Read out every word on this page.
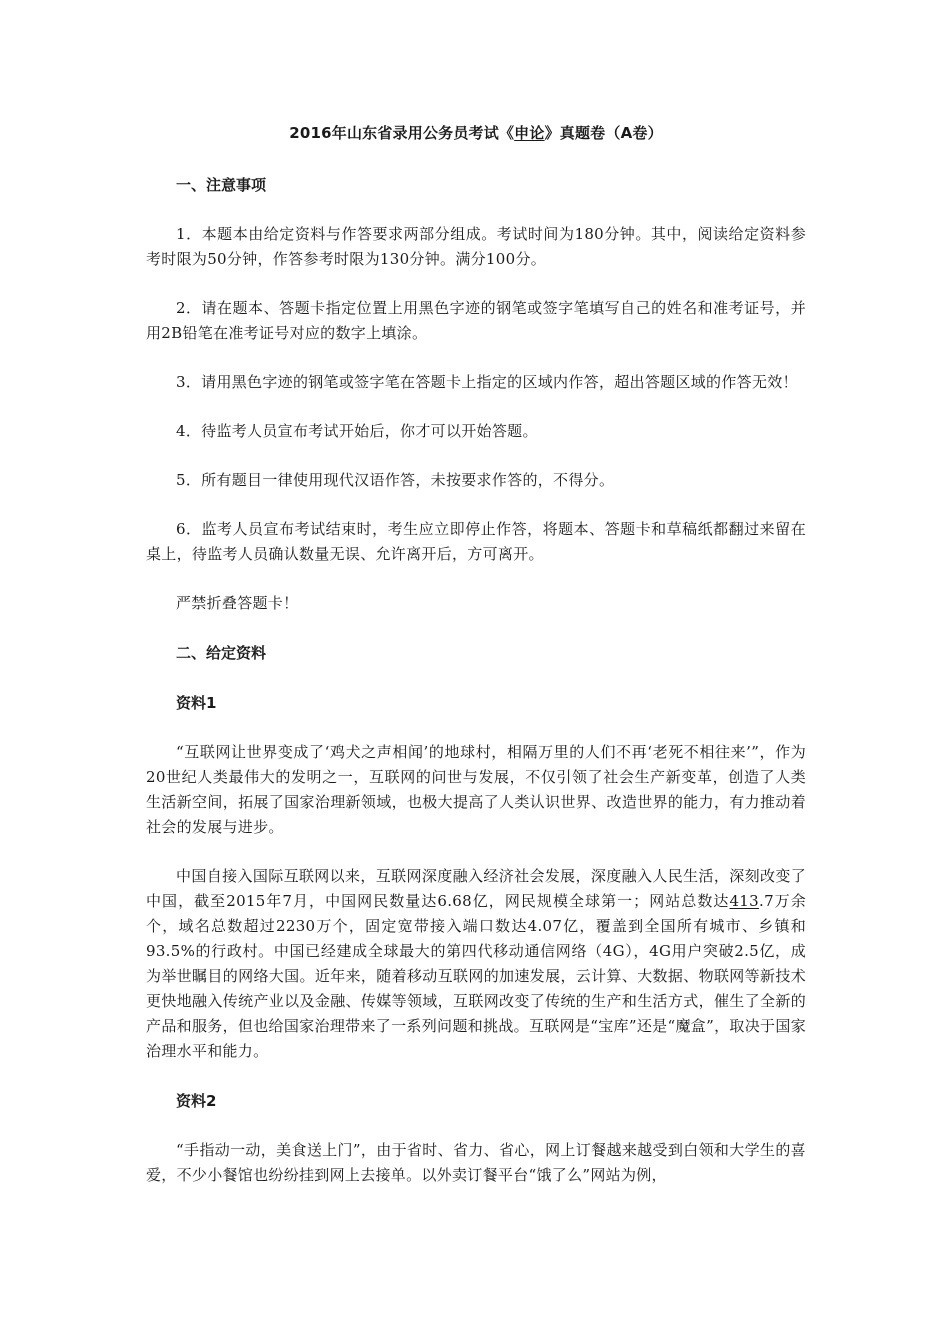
2016年山东省录用公务员考试《申论》真题卷（A卷）
一、注意事项

1．本题本由给定资料与作答要求两部分组成。考试时间为180分钟。其中，阅读给定资料参考时限为50分钟，作答参考时限为130分钟。满分100分。

2．请在题本、答题卡指定位置上用黑色字迹的钢笔或签字笔填写自己的姓名和准考证号，并用2B铅笔在准考证号对应的数字上填涂。

3．请用黑色字迹的钢笔或签字笔在答题卡上指定的区域内作答，超出答题区域的作答无效！

4．待监考人员宣布考试开始后，你才可以开始答题。

5．所有题目一律使用现代汉语作答，未按要求作答的，不得分。

6．监考人员宣布考试结束时，考生应立即停止作答，将题本、答题卡和草稿纸都翻过来留在桌上，待监考人员确认数量无误、允许离开后，方可离开。

严禁折叠答题卡！

二、给定资料
资料1

“互联网让世界变成了‘鸡犬之声相闻’的地球村，相隔万里的人们不再‘老死不相往来’”，作为20世纪人类最伟大的发明之一，互联网的问世与发展，不仅引领了社会生产新变革，创造了人类生活新空间，拓展了国家治理新领域，也极大提高了人类认识世界、改造世界的能力，有力推动着社会的发展与进步。

中国自接入国际互联网以来，互联网深度融入经济社会发展，深度融入人民生活，深刻改变了中国，截至2015年7月，中国网民数量达6.68亿，网民规模全球第一；网站总数达413.7万余个，域名总数超过2230万个，固定宽带接入端口数达4.07亿，覆盖到全国所有城市、乡镇和93.5%的行政村。中国已经建成全球最大的第四代移动通信网络（4G），4G用户突破2.5亿，成为举世瞩目的网络大国。近年来，随着移动互联网的加速发展，云计算、大数据、物联网等新技术更快地融入传统产业以及金融、传媒等领域，互联网改变了传统的生产和生活方式，催生了全新的产品和服务，但也给国家治理带来了一系列问题和挑战。互联网是“宝库”还是“魔盒”，取决于国家治理水平和能力。

资料2

“手指动一动，美食送上门”，由于省时、省力、省心，网上订餐越来越受到白领和大学生的喜爱，不少小餐馆也纷纷挂到网上去接单。以外卖订餐平台“饿了么”网站为例，
